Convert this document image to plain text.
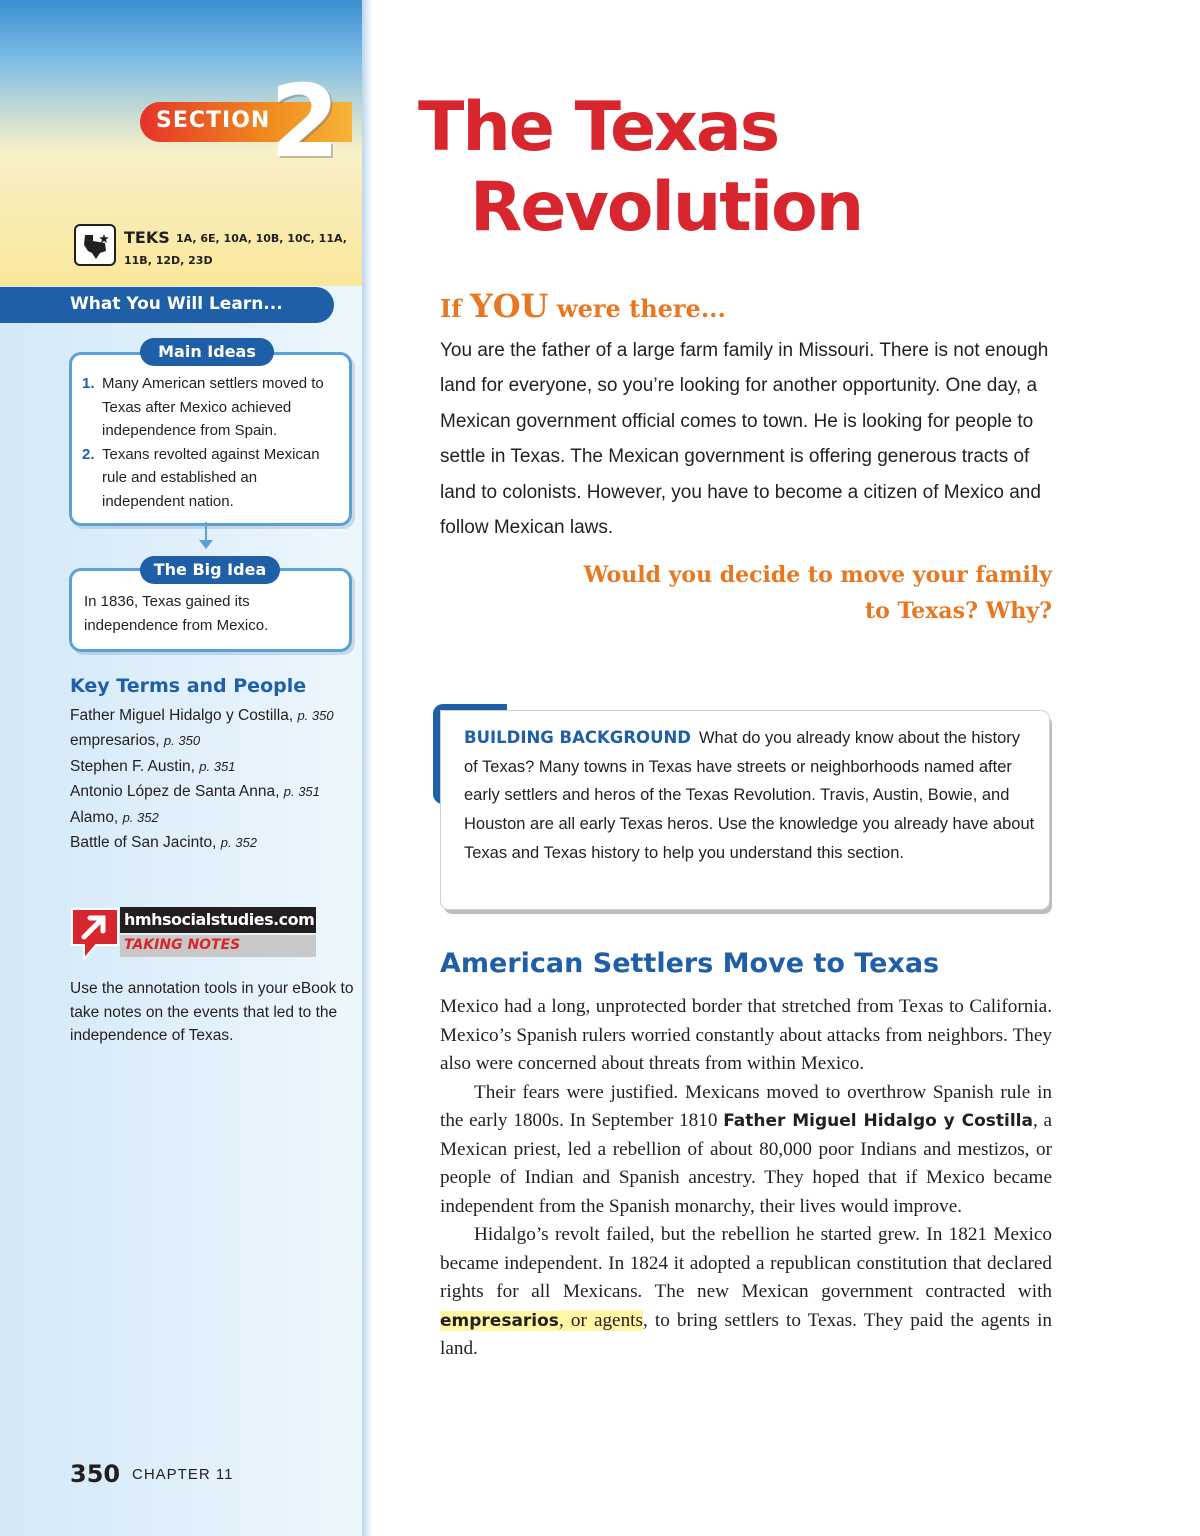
SECTION 2
TEKS 1A, 6E, 10A, 10B, 10C, 11A, 11B, 12D, 23D
What You Will Learn...
Main Ideas
1. Many American settlers moved to Texas after Mexico achieved independence from Spain.
2. Texans revolted against Mexican rule and established an independent nation.
The Big Idea
In 1836, Texas gained its independence from Mexico.
Key Terms and People
Father Miguel Hidalgo y Costilla, p. 350
empresarios, p. 350
Stephen F. Austin, p. 351
Antonio López de Santa Anna, p. 351
Alamo, p. 352
Battle of San Jacinto, p. 352
hmhsocialstudies.com
TAKING NOTES
Use the annotation tools in your eBook to take notes on the events that led to the independence of Texas.
350 CHAPTER 11
The Texas
Revolution
If YOU were there...
You are the father of a large farm family in Missouri. There is not enough land for everyone, so you’re looking for another opportunity. One day, a Mexican government official comes to town. He is looking for people to settle in Texas. The Mexican government is offering generous tracts of land to colonists. However, you have to become a citizen of Mexico and follow Mexican laws.
Would you decide to move your family to Texas? Why?
BUILDING BACKGROUND What do you already know about the history of Texas? Many towns in Texas have streets or neighborhoods named after early settlers and heros of the Texas Revolution. Travis, Austin, Bowie, and Houston are all early Texas heros. Use the knowledge you already have about Texas and Texas history to help you understand this section.
American Settlers Move to Texas

Mexico had a long, unprotected border that stretched from Texas to California. Mexico’s Spanish rulers worried constantly about attacks from neighbors. They also were concerned about threats from within Mexico.

Their fears were justified. Mexicans moved to overthrow Spanish rule in the early 1800s. In September 1810 Father Miguel Hidalgo y Costilla, a Mexican priest, led a rebellion of about 80,000 poor Indians and mestizos, or people of Indian and Spanish ancestry. They hoped that if Mexico became independent from the Spanish monarchy, their lives would improve.

Hidalgo’s revolt failed, but the rebellion he started grew. In 1821 Mexico became independent. In 1824 it adopted a republican constitution that declared rights for all Mexicans. The new Mexican government contracted with empresarios, or agents, to bring settlers to Texas. They paid the agents in land.
